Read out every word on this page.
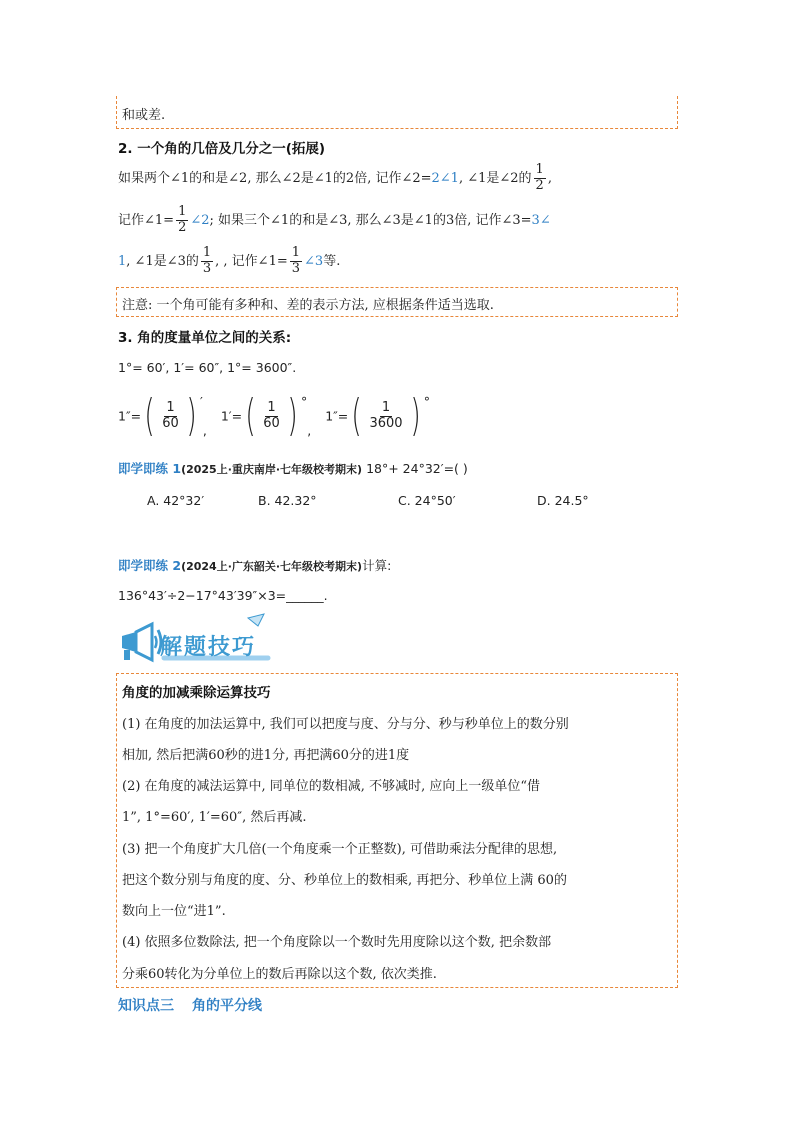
和或差.
2. 一个角的几倍及几分之一(拓展)
如果两个∠1的和是∠2, 那么∠2是∠1的2倍, 记作∠2=2∠1, ∠1是∠2的 $\frac{1}{2}$ ,
记作∠1= $\frac{1}{2}$ ∠2; 如果三个∠1的和是∠3, 那么∠3是∠1的3倍, 记作∠3=3∠
1, ∠1是∠3的 $\frac{1}{3}$ , , 记作∠1= $\frac{1}{3}$ ∠3等.
注意: 一个角可能有多种和、差的表示方法, 应根据条件适当选取.
3. 角的度量单位之间的关系:
1°= 60′, 1′= 60″, 1°= 3600″.
$1''=( \frac{1}{60}$ ) ′, $1'=( \frac{1}{60}$ ) °, $1''=( \frac{1}{3600}$ ) °
即学即练 1(2025上·重庆南岸·七年级校考期末) 18°+ 24°32′=( )
A. 42°32′	B. 42.32°	C. 24°50′	D. 24.5°
即学即练 2(2024上·广东韶关·七年级校考期末)计算:
136°43′÷2−17°43′39″×3=______.
解题技巧
角度的加减乘除运算技巧
(1) 在角度的加法运算中, 我们可以把度与度、分与分、秒与秒单位上的数分别
相加, 然后把满60秒的进1分, 再把满60分的进1度
(2) 在角度的减法运算中, 同单位的数相减, 不够减时, 应向上一级单位“借
1”, 1°=60′, 1′=60″, 然后再减.
(3) 把一个角度扩大几倍(一个角度乘一个正整数), 可借助乘法分配律的思想,
把这个数分别与角度的度、分、秒单位上的数相乘, 再把分、秒单位上满 60的
数向上一位“进1”.
(4) 依照多位数除法, 把一个角度除以一个数时先用度除以这个数, 把余数部
分乘60转化为分单位上的数后再除以这个数, 依次类推.
知识点三 角的平分线
